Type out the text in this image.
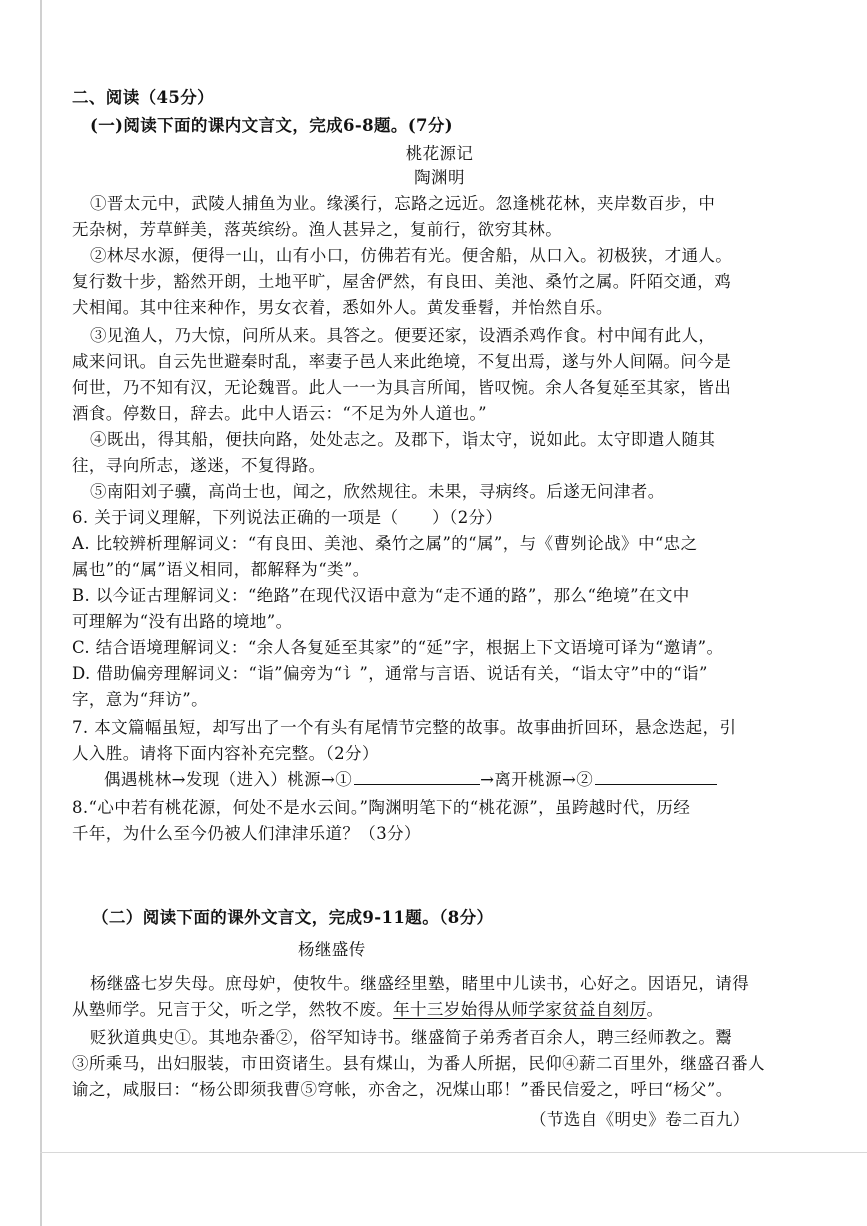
二、阅读（45分）
(一)阅读下面的课内文言文，完成6-8题。(7分)
桃花源记
陶渊明
①晋太元中，武陵人捕鱼为业。缘溪行，忘路之远近。忽逢桃花林，夹岸数百步，中
无杂树，芳草鲜美，落英缤纷。渔人甚异之，复前行，欲穷其林。
②林尽水源，便得一山，山有小口，仿佛若有光。便舍船，从口入。初极狭，才通人。
复行数十步，豁然开朗，土地平旷，屋舍俨然，有良田、美池、桑竹之属。阡陌交通，鸡
犬相闻。其中往来种作，男女衣着，悉如外人。黄发垂髫，并怡然自乐。
③见渔人，乃大惊，问所从来。具答之。便要还家，设酒杀鸡作食。村中闻有此人，
咸来问讯。自云先世避秦时乱，率妻子邑人来此绝境，不复出焉，遂与外人间隔。问今是
何世，乃不知有汉，无论魏晋。此人一一为具言所闻，皆叹惋。余人各复延至其家，皆出
酒食。停数日，辞去。此中人语云：“不足为外人道也。”
④既出，得其船，便扶向路，处处志之。及郡下，诣太守，说如此。太守即遣人随其
往，寻向所志，遂迷，不复得路。
⑤南阳刘子骥，高尚士也，闻之，欣然规往。未果，寻病终。后遂无问津者。
6. 关于词义理解，下列说法正确的一项是（　　）（2分）
A. 比较辨析理解词义：“有良田、美池、桑竹之属”的“属”，与《曹刿论战》中“忠之
属也”的“属”语义相同，都解释为“类”。
B. 以今证古理解词义：“绝路”在现代汉语中意为“走不通的路”，那么“绝境”在文中
可理解为“没有出路的境地”。
C. 结合语境理解词义：“余人各复延至其家”的“延”字，根据上下文语境可译为“邀请”。
D. 借助偏旁理解词义：“诣”偏旁为“讠”，通常与言语、说话有关，“诣太守”中的“诣”
字，意为“拜访”。
7. 本文篇幅虽短，却写出了一个有头有尾情节完整的故事。故事曲折回环，悬念迭起，引
人入胜。请将下面内容补充完整。（2分）
偶遇桃林→发现（进入）桃源→①	→离开桃源→②
8.“心中若有桃花源，何处不是水云间。”陶渊明笔下的“桃花源”，虽跨越时代，历经
千年，为什么至今仍被人们津津乐道？（3分）
（二）阅读下面的课外文言文，完成9-11题。（8分）
杨继盛传
杨继盛七岁失母。庶母妒，使牧牛。继盛经里塾，睹里中儿读书，心好之。因语兄，请得
从塾师学。兄言于父，听之学，然牧不废。年十三岁始得从师学家贫益自刻厉。
贬狄道典史①。其地杂番②，俗罕知诗书。继盛简子弟秀者百余人，聘三经师教之。鬻
③所乘马，出妇服装，市田资诸生。县有煤山，为番人所据，民仰④薪二百里外，继盛召番人
谕之，咸服曰：“杨公即须我曹⑤穹帐，亦舍之，况煤山耶！”番民信爱之，呼曰“杨父”。
（节选自《明史》卷二百九）
